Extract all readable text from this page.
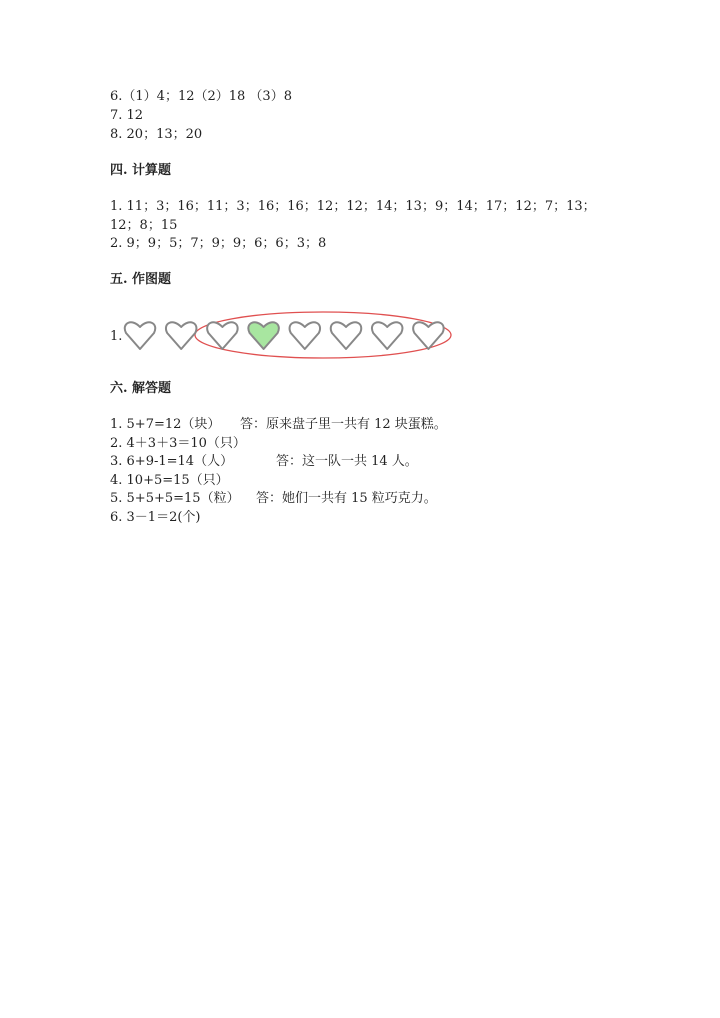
6.（1）4；12（2）18 （3）8
7. 12
8. 20；13；20
四. 计算题
1. 11；3；16；11；3；16；16；12；12；14；13；9；14；17；12；7；13；
12；8；15
2. 9；9；5；7；9；9；6；6；3；8
五. 作图题
1.
六. 解答题
1. 5+7=12（块） 答：原来盘子里一共有 12 块蛋糕。
2. 4＋3＋3＝10（只）
3. 6+9-1=14（人）	答：这一队一共 14 人。
4. 10+5=15（只）
5. 5+5+5=15（粒） 答：她们一共有 15 粒巧克力。
6. 3－1＝2(个)
